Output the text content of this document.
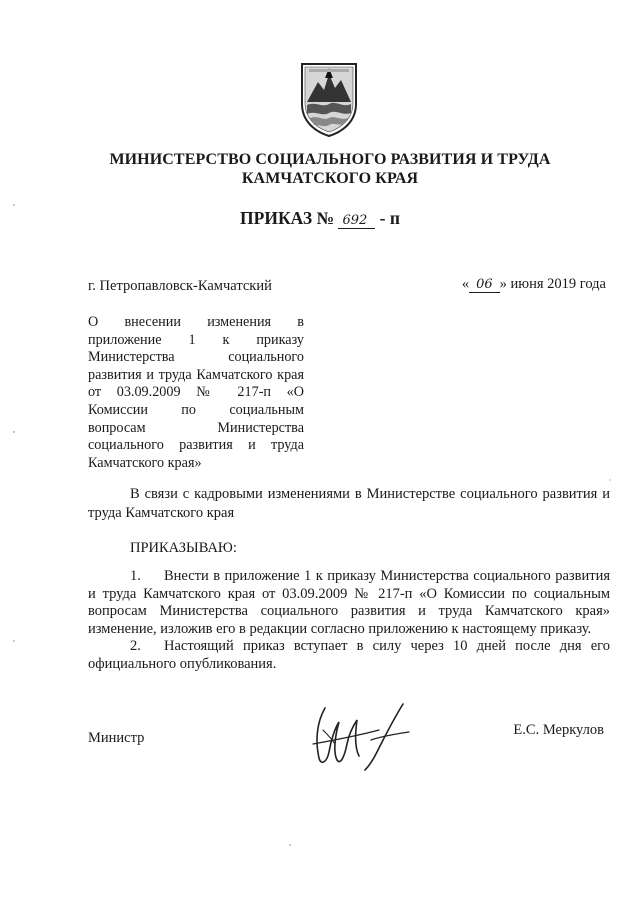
МИНИСТЕРСТВО СОЦИАЛЬНОГО РАЗВИТИЯ И ТРУДА
КАМЧАТСКОГО КРАЯ
ПРИКАЗ № 692 - п
г. Петропавловск-Камчатский	« 06 » июня 2019 года
О внесении изменения в приложение 1 к приказу Министерства социального развития и труда Камчатского края от 03.09.2009 № 217-п «О Комиссии по социальным вопросам Министерства социального развития и труда Камчатского края»
В связи с кадровыми изменениями в Министерстве социального развития и труда Камчатского края
ПРИКАЗЫВАЮ:

1. Внести в приложение 1 к приказу Министерства социального развития и труда Камчатского края от 03.09.2009 № 217-п «О Комиссии по социальным вопросам Министерства социального развития и труда Камчатского края» изменение, изложив его в редакции согласно приложению к настоящему приказу.

2. Настоящий приказ вступает в силу через 10 дней после дня его официального опубликования.

Министр	Е.С. Меркулов
